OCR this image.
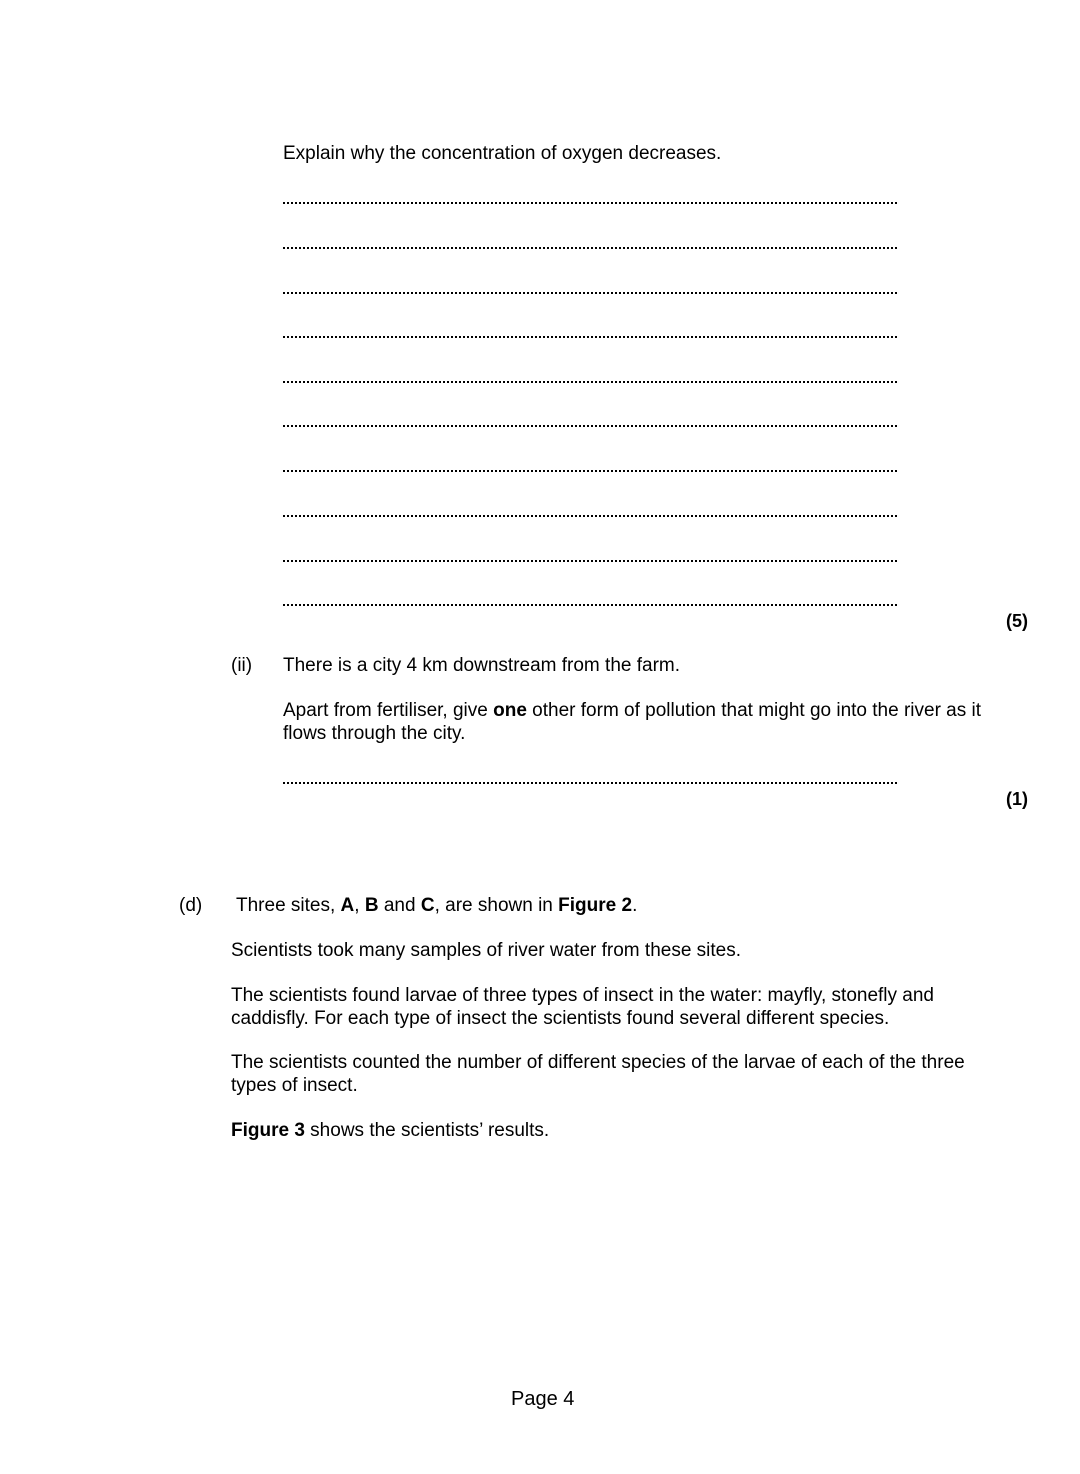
Explain why the concentration of oxygen decreases.
(5)
(ii) There is a city 4 km downstream from the farm.
Apart from fertiliser, give one other form of pollution that might go into the river as it flows through the city.
(1)
(d) Three sites, A, B and C, are shown in Figure 2.
Scientists took many samples of river water from these sites.
The scientists found larvae of three types of insect in the water: mayfly, stonefly and caddisfly. For each type of insect the scientists found several different species.
The scientists counted the number of different species of the larvae of each of the three types of insect.
Figure 3 shows the scientists’ results.
Page 4
